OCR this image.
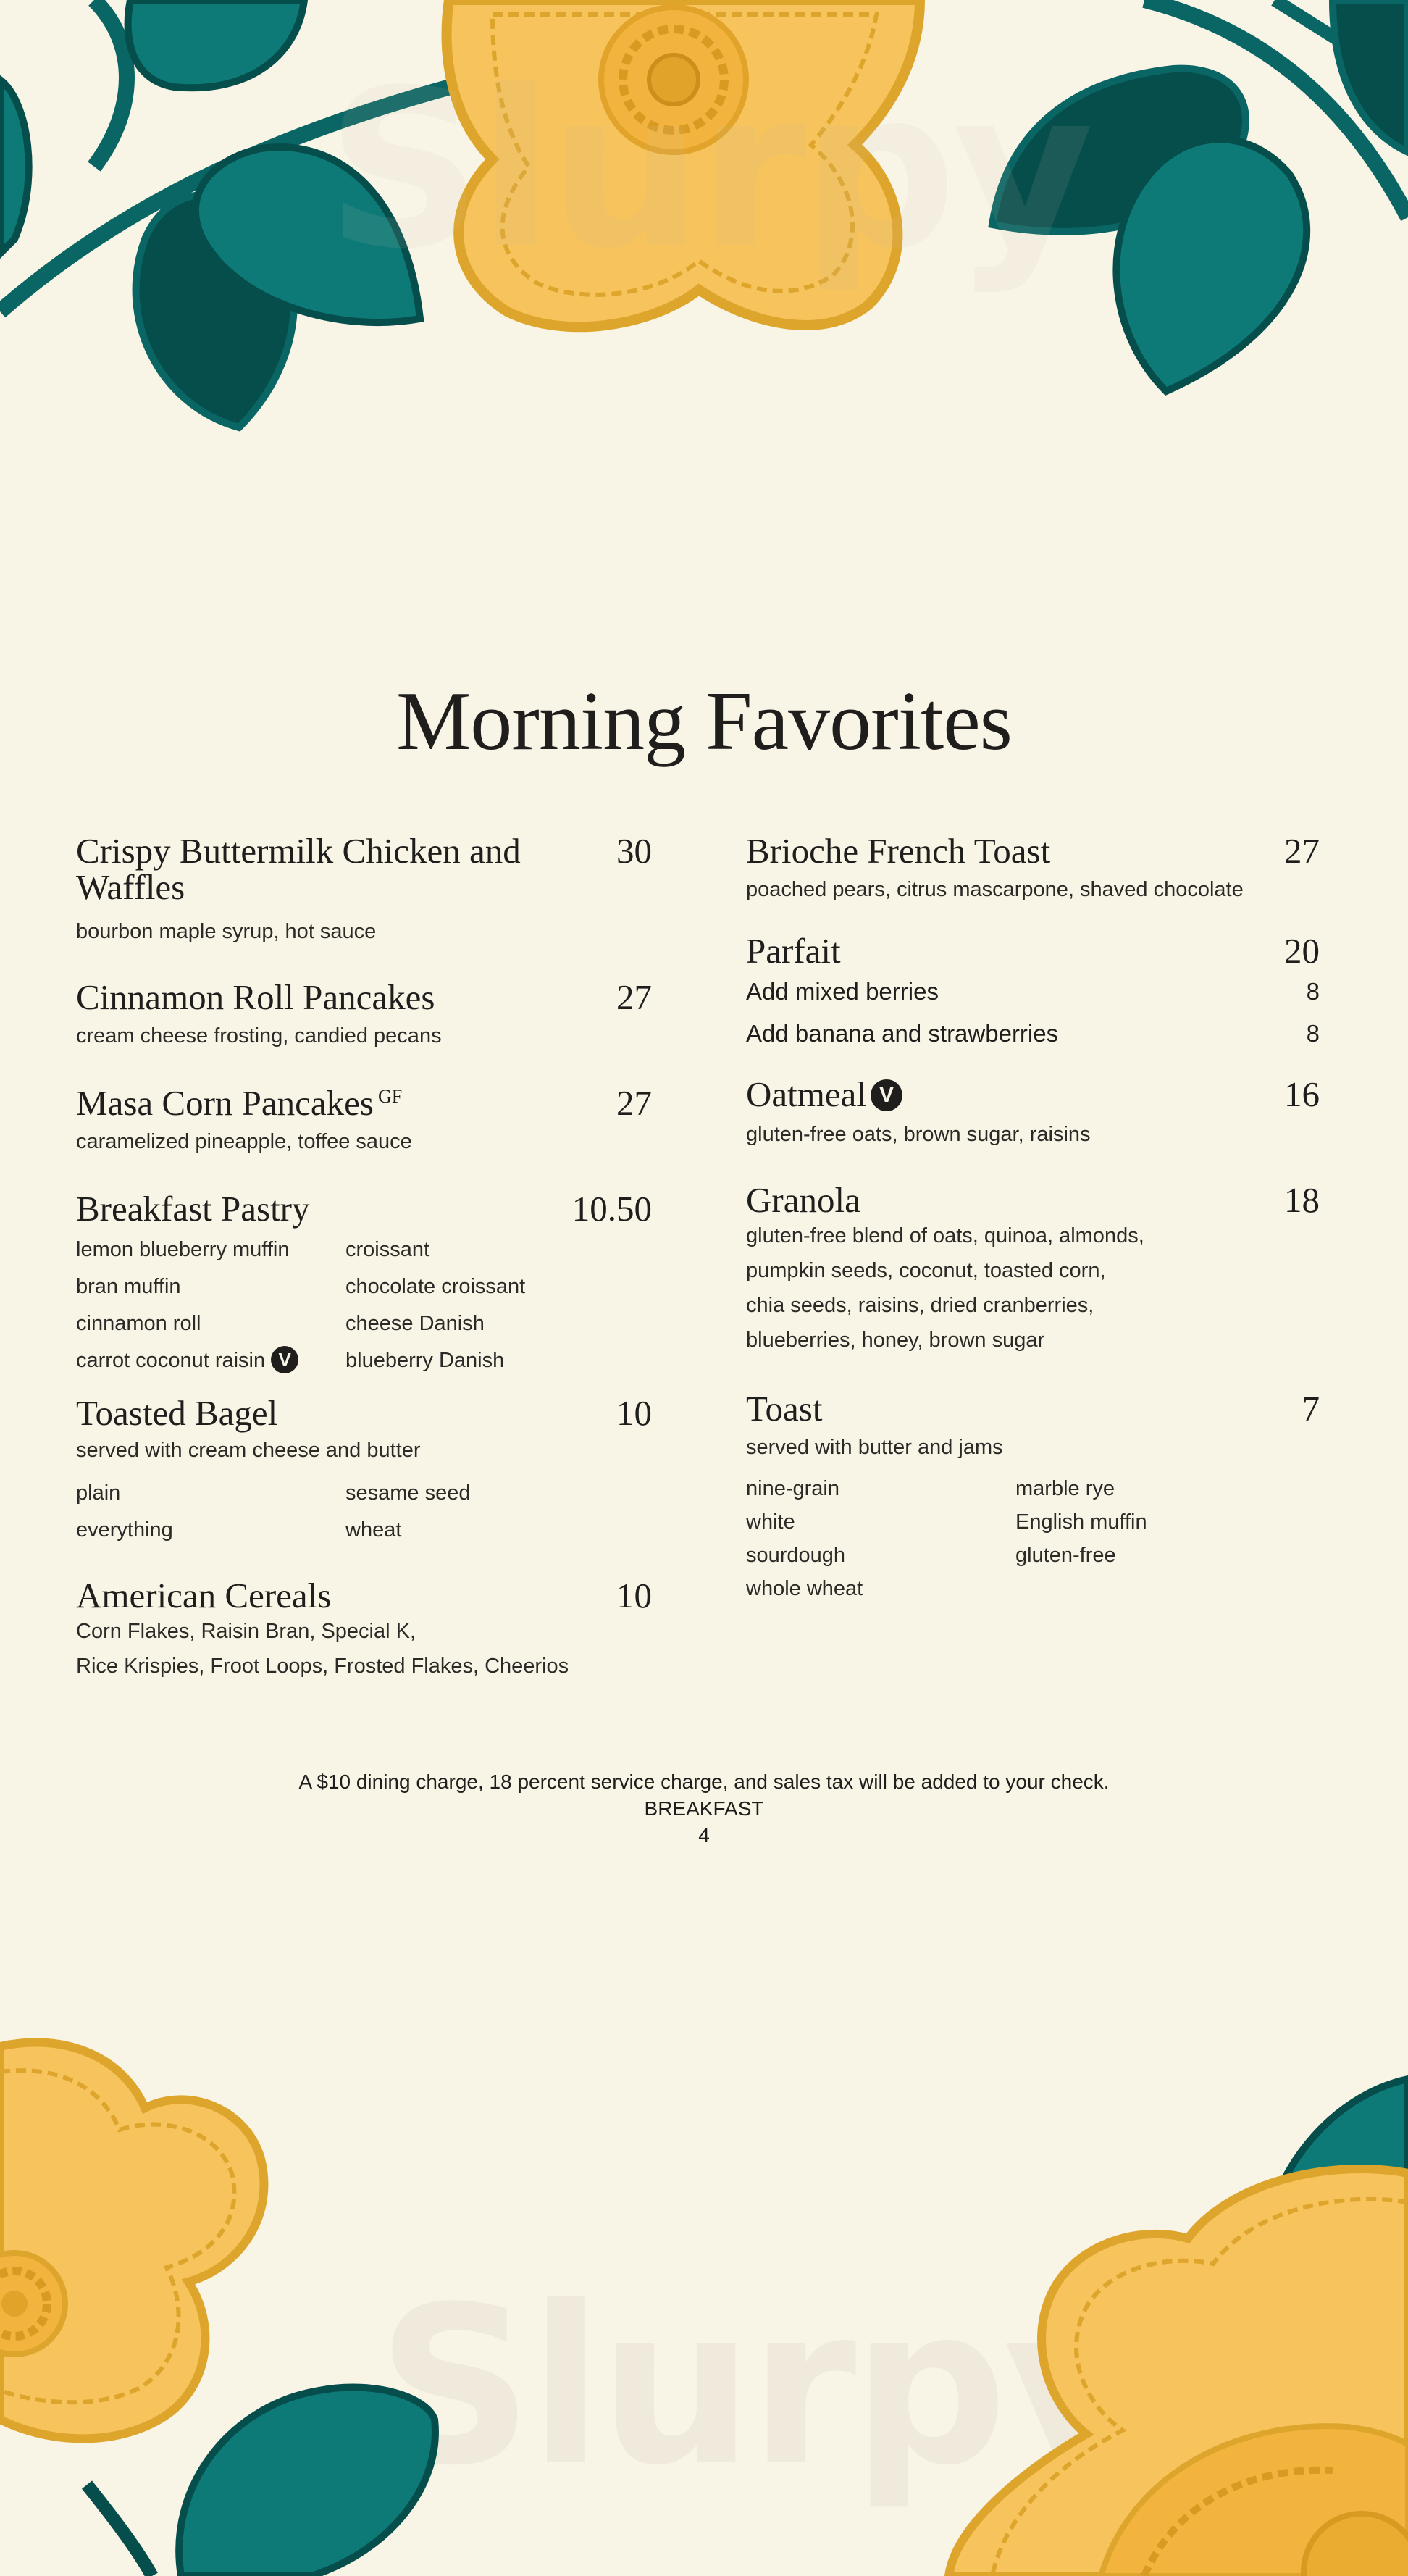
Slurpy
Morning Favorites
Crispy Buttermilk Chicken and Waffles
30
bourbon maple syrup, hot sauce
Cinnamon Roll Pancakes	27
cream cheese frosting, candied pecans
Masa Corn Pancakes $^{GF}$	27
caramelized pineapple, toffee sauce
Breakfast Pastry	10.50
lemon blueberry muffin	croissant
bran muffin	chocolate croissant
cinnamon roll	cheese Danish
carrot coconut raisin V	blueberry Danish
Toasted Bagel	10
served with cream cheese and butter
plain	sesame seed
everything	wheat
American Cereals	10
Corn Flakes, Raisin Bran, Special K,
Rice Krispies, Froot Loops, Frosted Flakes, Cheerios
Brioche French Toast	27
poached pears, citrus mascarpone, shaved chocolate
Parfait	20
Add mixed berries	8
Add banana and strawberries	8
Oatmeal V	16
gluten-free oats, brown sugar, raisins
Granola	18
gluten-free blend of oats, quinoa, almonds,
pumpkin seeds, coconut, toasted corn,
chia seeds, raisins, dried cranberries,
blueberries, honey, brown sugar
Toast	7
served with butter and jams
nine-grain	marble rye
white	English muffin
sourdough	gluten-free
whole wheat
A $10 dining charge, 18 percent service charge, and sales tax will be added to your check.
BREAKFAST
4
